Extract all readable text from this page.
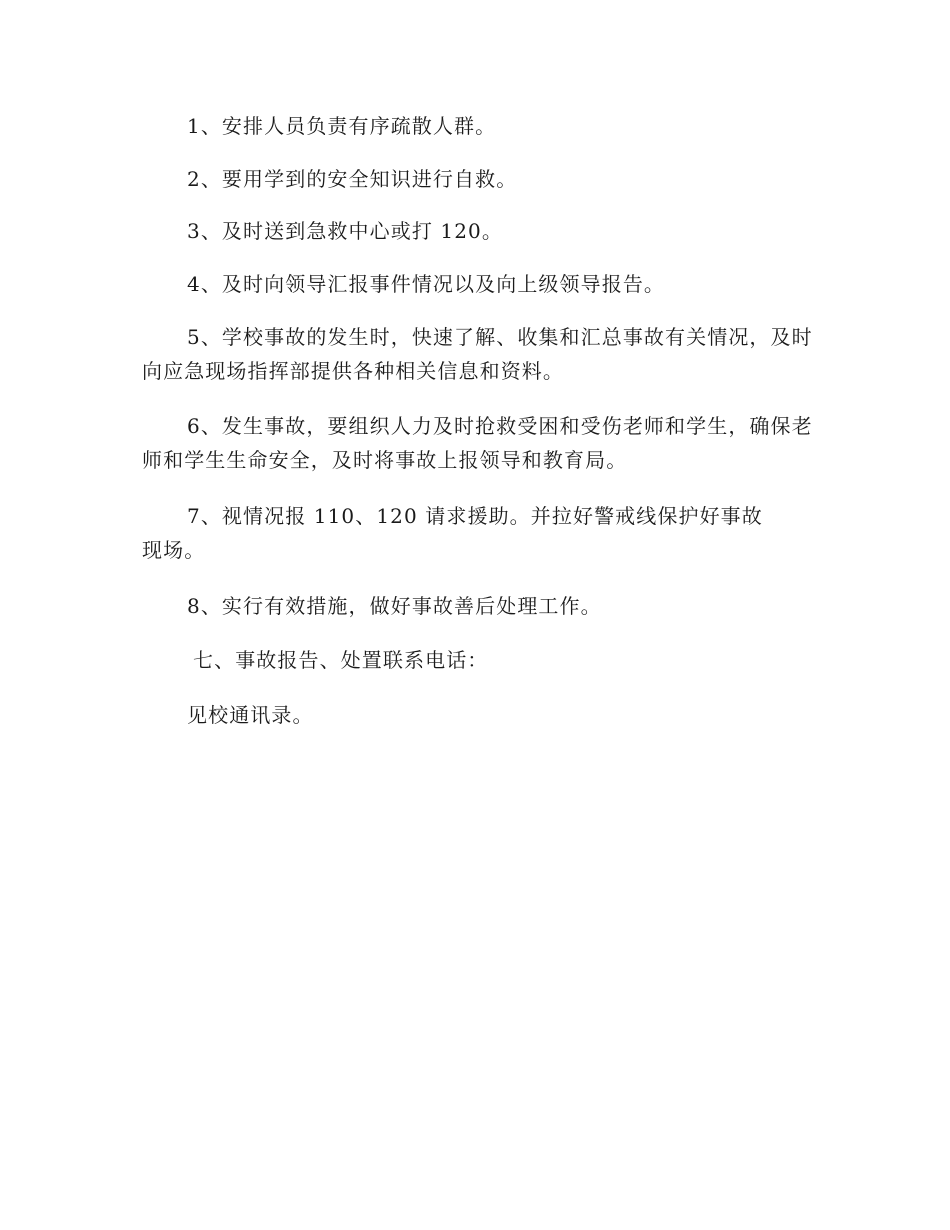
1、安排人员负责有序疏散人群。

2、要用学到的安全知识进行自救。

3、及时送到急救中心或打 120。

4、及时向领导汇报事件情况以及向上级领导报告。

5、学校事故的发生时，快速了解、收集和汇总事故有关情况，及时向应急现场指挥部提供各种相关信息和资料。

6、发生事故，要组织人力及时抢救受困和受伤老师和学生，确保老师和学生生命安全，及时将事故上报领导和教育局。

7、视情况报 110、120 请求援助。并拉好警戒线保护好事故现场。

8、实行有效措施，做好事故善后处理工作。

七、事故报告、处置联系电话：

见校通讯录。
